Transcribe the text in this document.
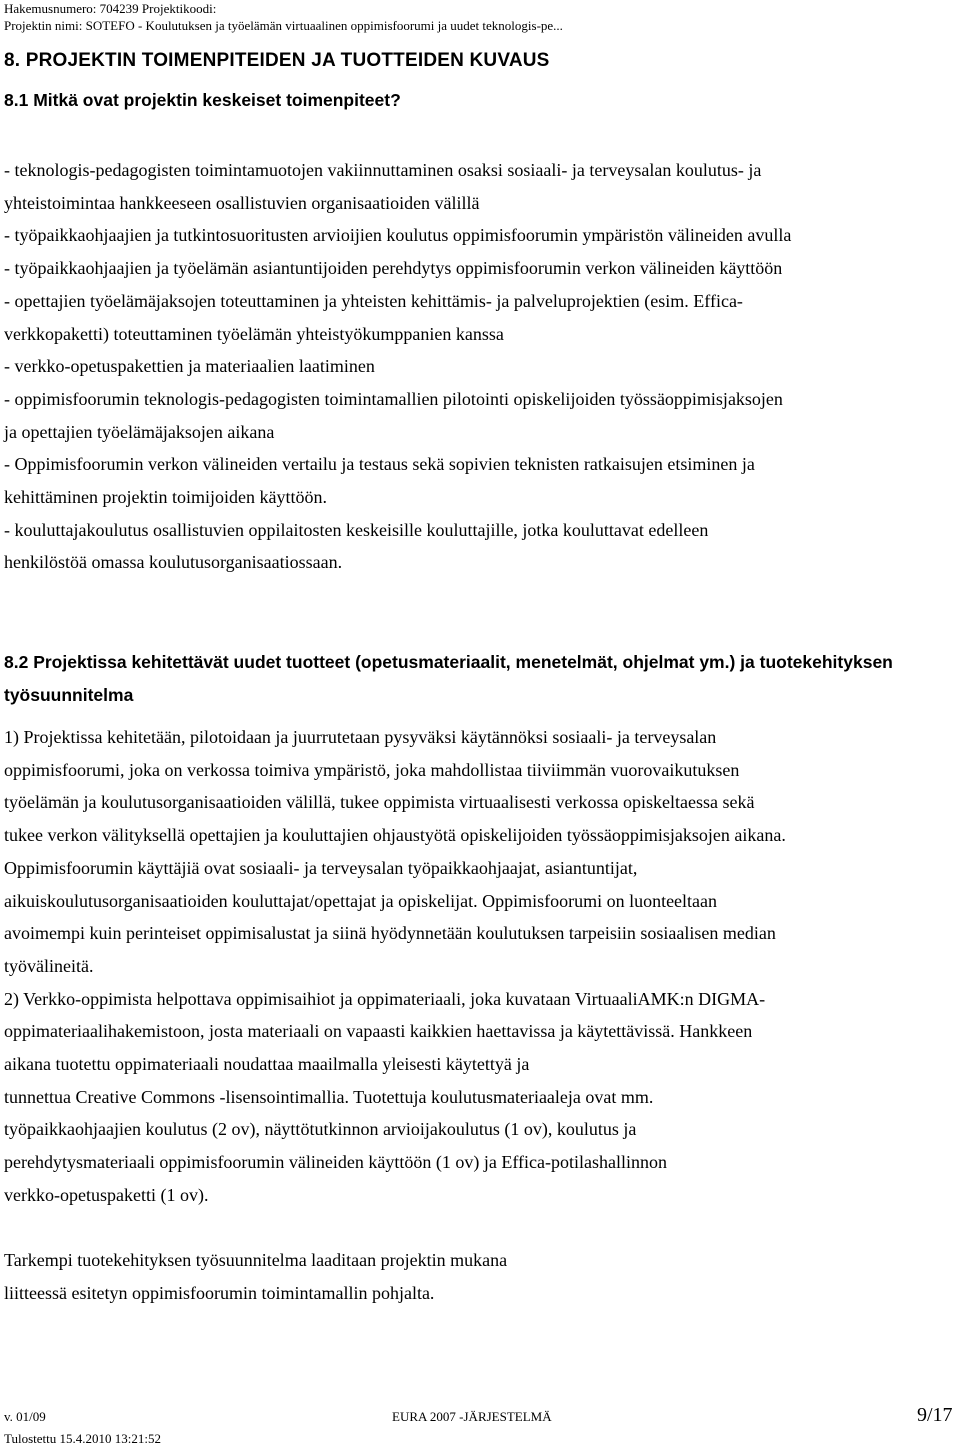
Hakemusnumero: 704239 Projektikoodi:
Projektin nimi: SOTEFO - Koulutuksen ja työelämän virtuaalinen oppimisfoorumi ja uudet teknologis-pe...
8. PROJEKTIN TOIMENPITEIDEN JA TUOTTEIDEN KUVAUS
8.1 Mitkä ovat projektin keskeiset toimenpiteet?
- teknologis-pedagogisten toimintamuotojen vakiinnuttaminen osaksi sosiaali- ja terveysalan koulutus- ja
yhteistoimintaa hankkeeseen osallistuvien organisaatioiden välillä
- työpaikkaohjaajien ja tutkintosuoritusten arvioijien koulutus oppimisfoorumin ympäristön välineiden avulla
- työpaikkaohjaajien ja työelämän asiantuntijoiden perehdytys oppimisfoorumin verkon välineiden käyttöön
- opettajien työelämäjaksojen toteuttaminen ja yhteisten kehittämis- ja palveluprojektien (esim. Effica-
verkkopaketti) toteuttaminen työelämän yhteistyökumppanien kanssa
- verkko-opetuspakettien ja materiaalien laatiminen
- oppimisfoorumin teknologis-pedagogisten toimintamallien pilotointi opiskelijoiden työssäoppimisjaksojen
ja opettajien työelämäjaksojen aikana
- Oppimisfoorumin verkon välineiden vertailu ja testaus sekä sopivien teknisten ratkaisujen etsiminen ja
kehittäminen projektin toimijoiden käyttöön.
- kouluttajakoulutus osallistuvien oppilaitosten keskeisille kouluttajille, jotka kouluttavat edelleen
henkilöstöä omassa koulutusorganisaatiossaan.
8.2 Projektissa kehitettävät uudet tuotteet (opetusmateriaalit, menetelmät, ohjelmat ym.) ja tuotekehityksen työsuunnitelma
1) Projektissa kehitetään, pilotoidaan ja juurrutetaan pysyväksi käytännöksi sosiaali- ja terveysalan
oppimisfoorumi, joka on verkossa toimiva ympäristö, joka mahdollistaa tiiviimmän vuorovaikutuksen
työelämän ja koulutusorganisaatioiden välillä, tukee oppimista virtuaalisesti verkossa opiskeltaessa sekä
tukee verkon välityksellä opettajien ja kouluttajien ohjaustyötä opiskelijoiden työssäoppimisjaksojen aikana.
Oppimisfoorumin käyttäjiä ovat sosiaali- ja terveysalan työpaikkaohjaajat, asiantuntijat,
aikuiskoulutusorganisaatioiden kouluttajat/opettajat ja opiskelijat. Oppimisfoorumi on luonteeltaan
avoimempi kuin perinteiset oppimisalustat ja siinä hyödynnetään koulutuksen tarpeisiin sosiaalisen median
työvälineitä.
2) Verkko-oppimista helpottava oppimisaihiot ja oppimateriaali, joka kuvataan VirtuaaliAMK:n DIGMA-
oppimateriaalihakemistoon, josta materiaali on vapaasti kaikkien haettavissa ja käytettävissä. Hankkeen
aikana tuotettu oppimateriaali noudattaa maailmalla yleisesti käytettyä ja
tunnettua Creative Commons -lisensointimallia. Tuotettuja koulutusmateriaaleja ovat mm.
työpaikkaohjaajien koulutus (2 ov), näyttötutkinnon arvioijakoulutus (1 ov), koulutus ja
perehdytysmateriaali oppimisfoorumin välineiden käyttöön (1 ov) ja Effica-potilashallinnon
verkko-opetuspaketti (1 ov).
Tarkempi tuotekehityksen työsuunnitelma laaditaan projektin mukana
liitteessä esitetyn oppimisfoorumin toimintamallin pohjalta.
v. 01/09	EURA 2007 -JÄRJESTELMÄ	9/17
Tulostettu 15.4.2010 13:21:52
